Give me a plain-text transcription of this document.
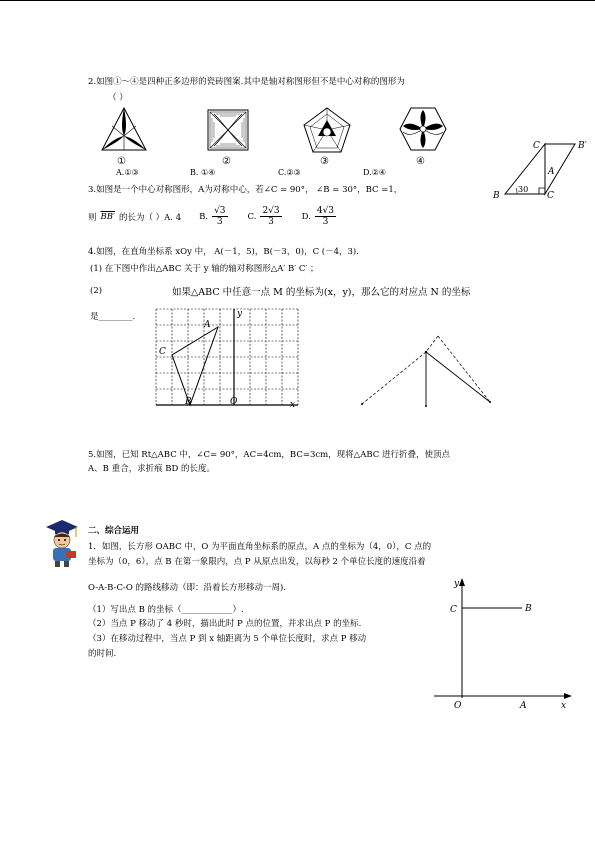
2.如图①～④是四种正多边形的瓷砖图案.其中是轴对称图形但不是中心对称的图形为
（ ）
①	②	③	④
A.①③	B. ①④	C.②③	D.②④
C	B′
A
B
30
C
3.如图是一个中心对称图形，A为对称中心，若∠C = 90°， ∠B = 30°，BC =1，
则 BB′ 的长为（ ）A. 4 B. $\frac{√3}{3} C$. $\frac{2√3}{3} D$. $\frac{4√3}{3}$
4.如图，在直角坐标系 xOy 中， A(－1，5)，B(－3，0)，C (－4，3).
(1) 在下图中作出△ABC 关于 y 轴的轴对称图形△A′ B′ C′ ；
(2)	如果△ABC 中任意一点 M 的坐标为(x，y)，那么它的对应点 N 的坐标
是________.
A
C
B	O	x
y
5.如图，已知 Rt△ABC 中，∠C= 90°，AC=4cm，BC=3cm，现将△ABC 进行折叠，使顶点
A、B 重合，求折痕 BD 的长度。
二、综合运用
1．如图，长方形 OABC 中，O 为平面直角坐标系的原点，A 点的坐标为（4，0），C 点的
坐标为（0，6），点 B 在第一象限内，点 P 从原点出发，以每秒 2 个单位长度的速度沿着
O-A-B-C-O 的路线移动（即：沿着长方形移动一周).
（1）写出点 B 的坐标（____________）.
（2）当点 P 移动了 4 秒时，描出此时 P 点的位置，并求出点 P 的坐标.
（3）在移动过程中，当点 P 到 x 轴距离为 5 个单位长度时，求点 P 移动
的时间.
y
C	B
O	A	x
